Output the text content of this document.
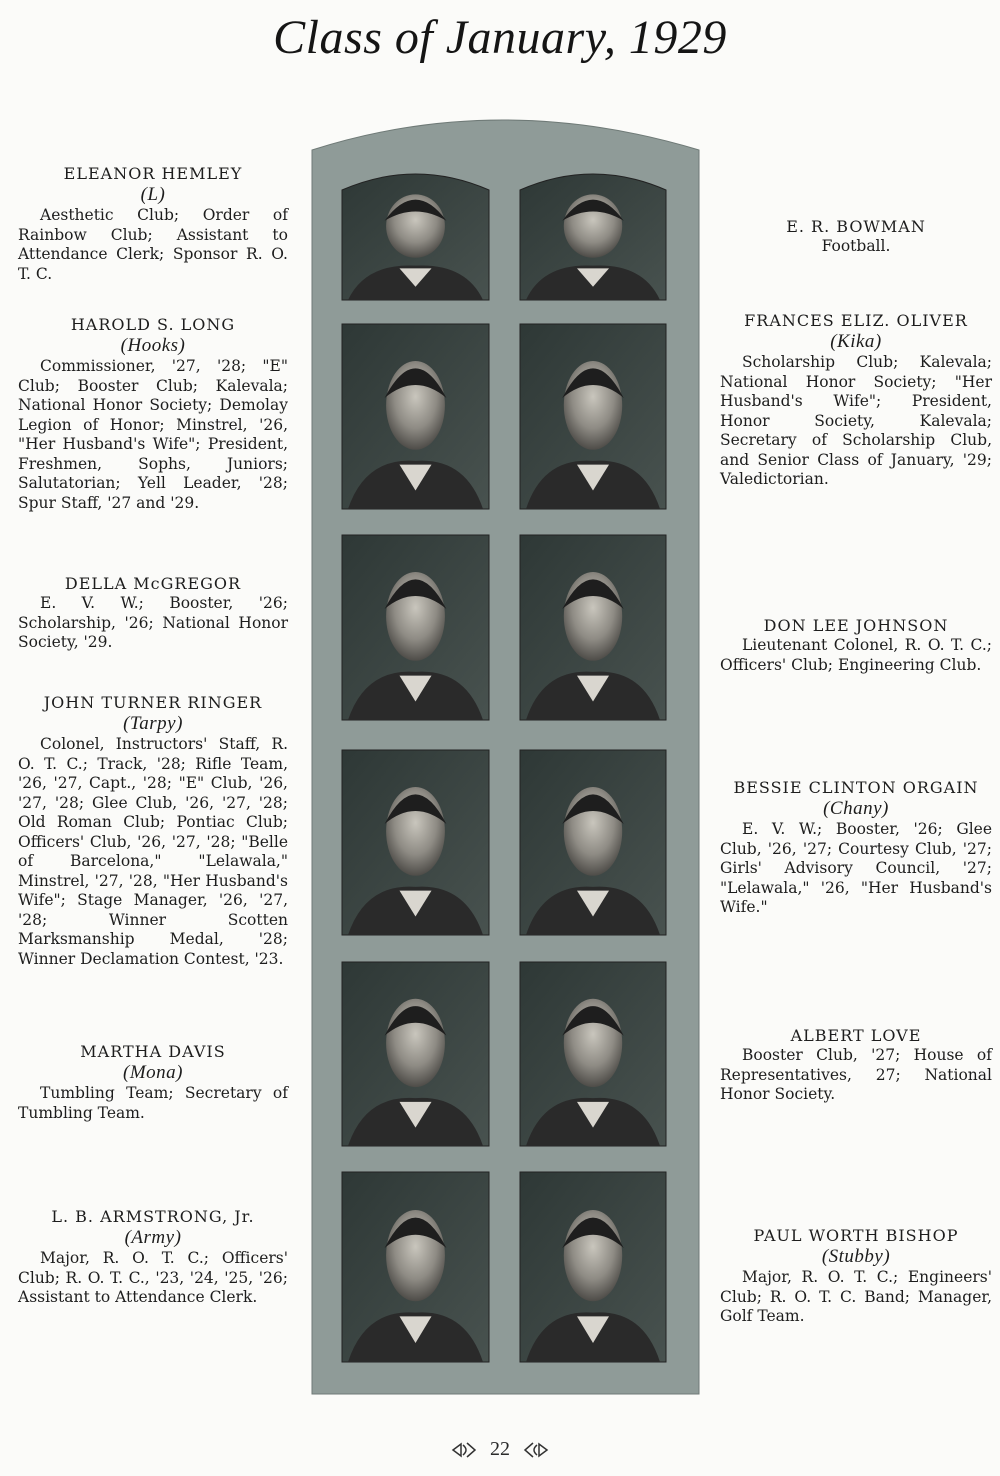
Class of January, 1929
ELEANOR HEMLEY
(L)
Aesthetic Club; Order of Rainbow Club; Assistant to Attendance Clerk; Sponsor R. O. T. C.
HAROLD S. LONG
(Hooks)
Commissioner, '27, '28; "E" Club; Booster Club; Kalevala; National Honor Society; Demolay Legion of Honor; Minstrel, '26, "Her Husband's Wife"; President, Freshmen, Sophs, Juniors; Salutatorian; Yell Leader, '28; Spur Staff, '27 and '29.
DELLA McGREGOR
E. V. W.; Booster, '26; Scholarship, '26; National Honor Society, '29.
JOHN TURNER RINGER
(Tarpy)
Colonel, Instructors' Staff, R. O. T. C.; Track, '28; Rifle Team, '26, '27, Capt., '28; "E" Club, '26, '27, '28; Glee Club, '26, '27, '28; Old Roman Club; Pontiac Club; Officers' Club, '26, '27, '28; "Belle of Barcelona," "Lelawala," Minstrel, '27, '28, "Her Husband's Wife"; Stage Manager, '26, '27, '28; Winner Scotten Marksmanship Medal, '28; Winner Declamation Contest, '23.
MARTHA DAVIS
(Mona)
Tumbling Team; Secretary of Tumbling Team.
L. B. ARMSTRONG, Jr.
(Army)
Major, R. O. T. C.; Officers' Club; R. O. T. C., '23, '24, '25, '26; Assistant to Attendance Clerk.
E. R. BOWMAN
Football.
FRANCES ELIZ. OLIVER
(Kika)
Scholarship Club; Kalevala; National Honor Society; "Her Husband's Wife"; President, Honor Society, Kalevala; Secretary of Scholarship Club, and Senior Class of January, '29; Valedictorian.
DON LEE JOHNSON
Lieutenant Colonel, R. O. T. C.; Officers' Club; Engineering Club.
BESSIE CLINTON ORGAIN
(Chany)
E. V. W.; Booster, '26; Glee Club, '26, '27; Courtesy Club, '27; Girls' Advisory Council, '27; "Lelawala," '26, "Her Husband's Wife."
ALBERT LOVE
Booster Club, '27; House of Representatives, 27; National Honor Society.
PAUL WORTH BISHOP
(Stubby)
Major, R. O. T. C.; Engineers' Club; R. O. T. C. Band; Manager, Golf Team.
22
